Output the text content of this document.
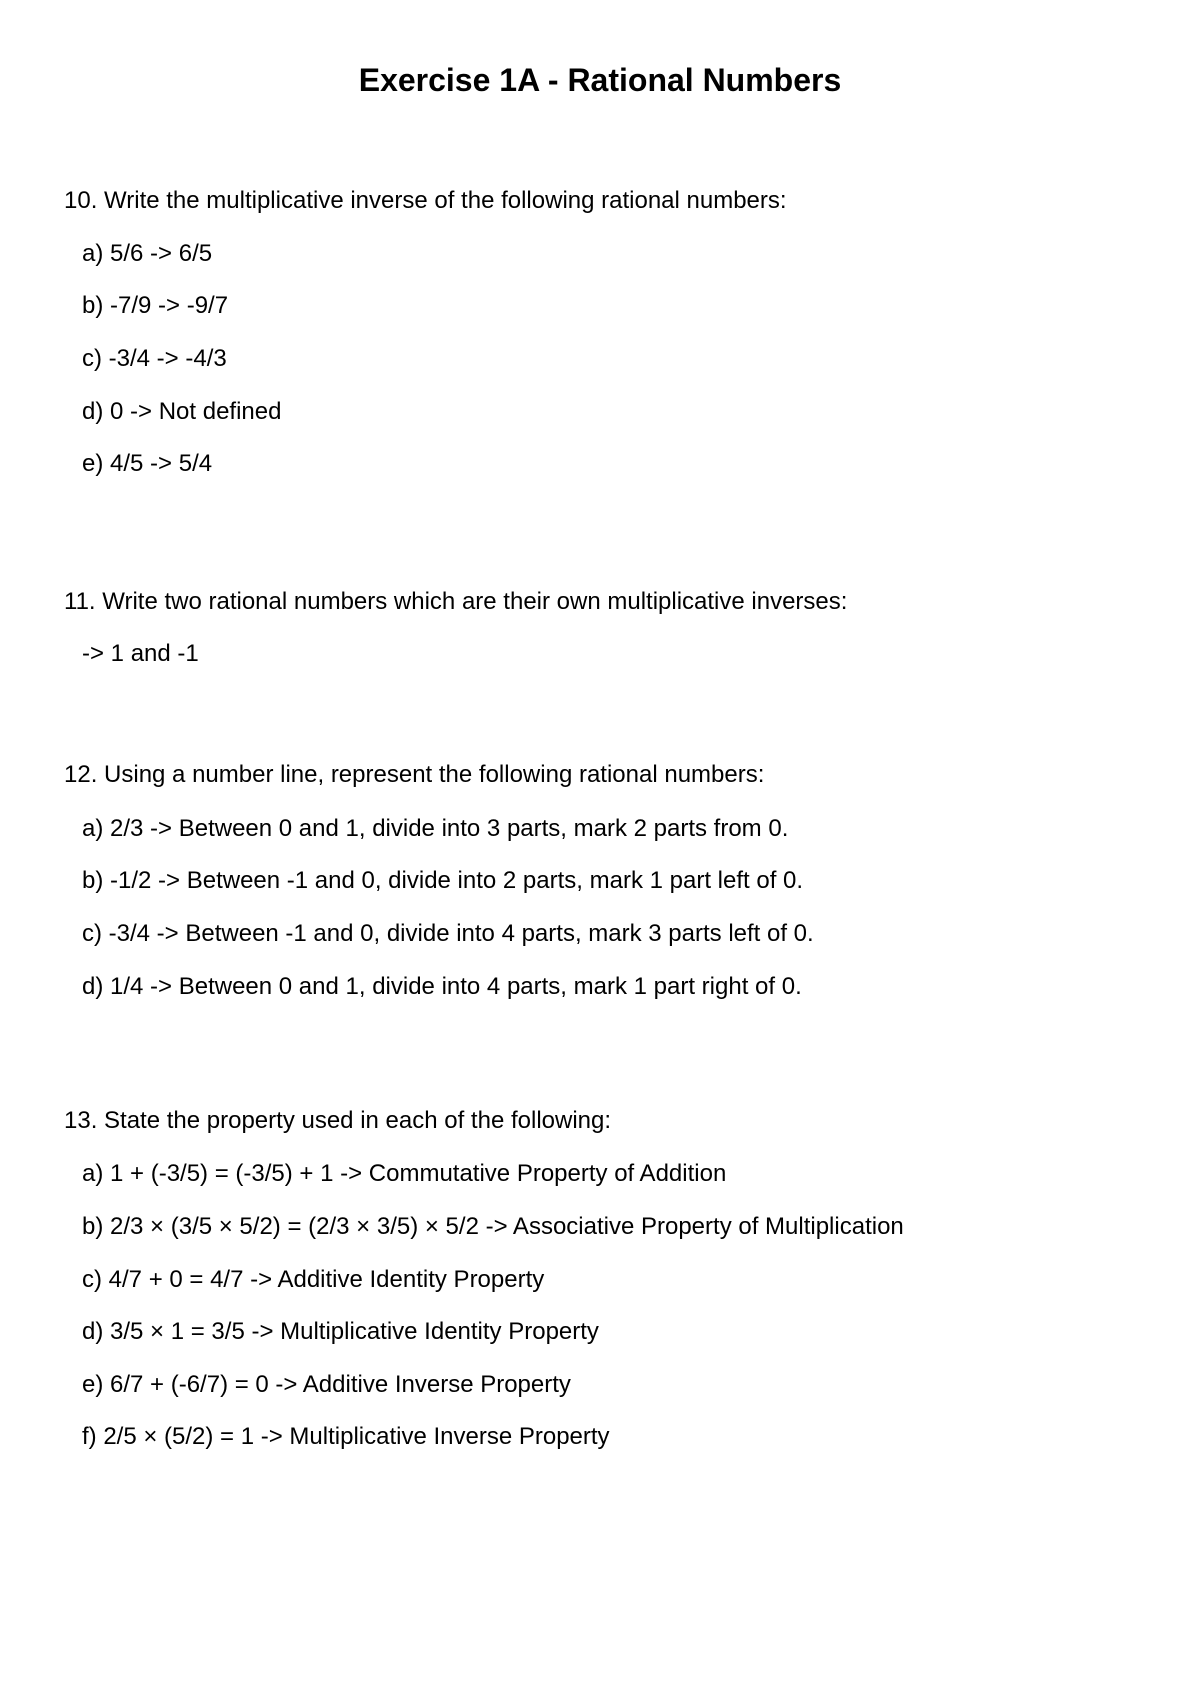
Exercise 1A - Rational Numbers

10. Write the multiplicative inverse of the following rational numbers:

a) 5/6 -> 6/5

b) -7/9 -> -9/7

c) -3/4 -> -4/3

d) 0 -> Not defined

e) 4/5 -> 5/4

11. Write two rational numbers which are their own multiplicative inverses:

-> 1 and -1

12. Using a number line, represent the following rational numbers:

a) 2/3 -> Between 0 and 1, divide into 3 parts, mark 2 parts from 0.

b) -1/2 -> Between -1 and 0, divide into 2 parts, mark 1 part left of 0.

c) -3/4 -> Between -1 and 0, divide into 4 parts, mark 3 parts left of 0.

d) 1/4 -> Between 0 and 1, divide into 4 parts, mark 1 part right of 0.

13. State the property used in each of the following:

a) 1 + (-3/5) = (-3/5) + 1 -> Commutative Property of Addition

b) 2/3 × (3/5 × 5/2) = (2/3 × 3/5) × 5/2 -> Associative Property of Multiplication

c) 4/7 + 0 = 4/7 -> Additive Identity Property

d) 3/5 × 1 = 3/5 -> Multiplicative Identity Property

e) 6/7 + (-6/7) = 0 -> Additive Inverse Property

f) 2/5 × (5/2) = 1 -> Multiplicative Inverse Property
